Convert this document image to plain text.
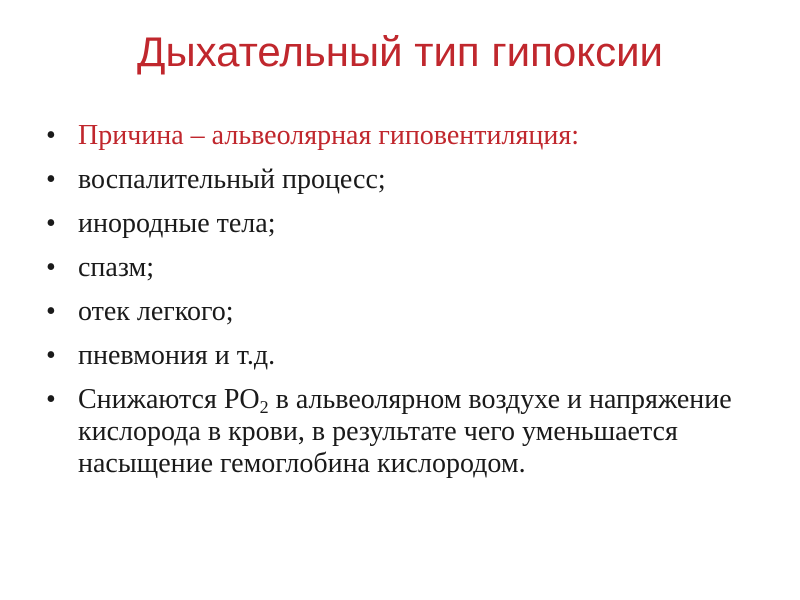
Дыхательный тип гипоксии
• Причина – альвеолярная гиповентиляция:
• воспалительный процесс;
• инородные тела;
• спазм;
• отек легкого;
• пневмония и т.д.
• Снижаются $PO_2$ в альвеолярном воздухе и напряжение кислорода в крови, в результате чего уменьшается насыщение гемоглобина кислородом.
